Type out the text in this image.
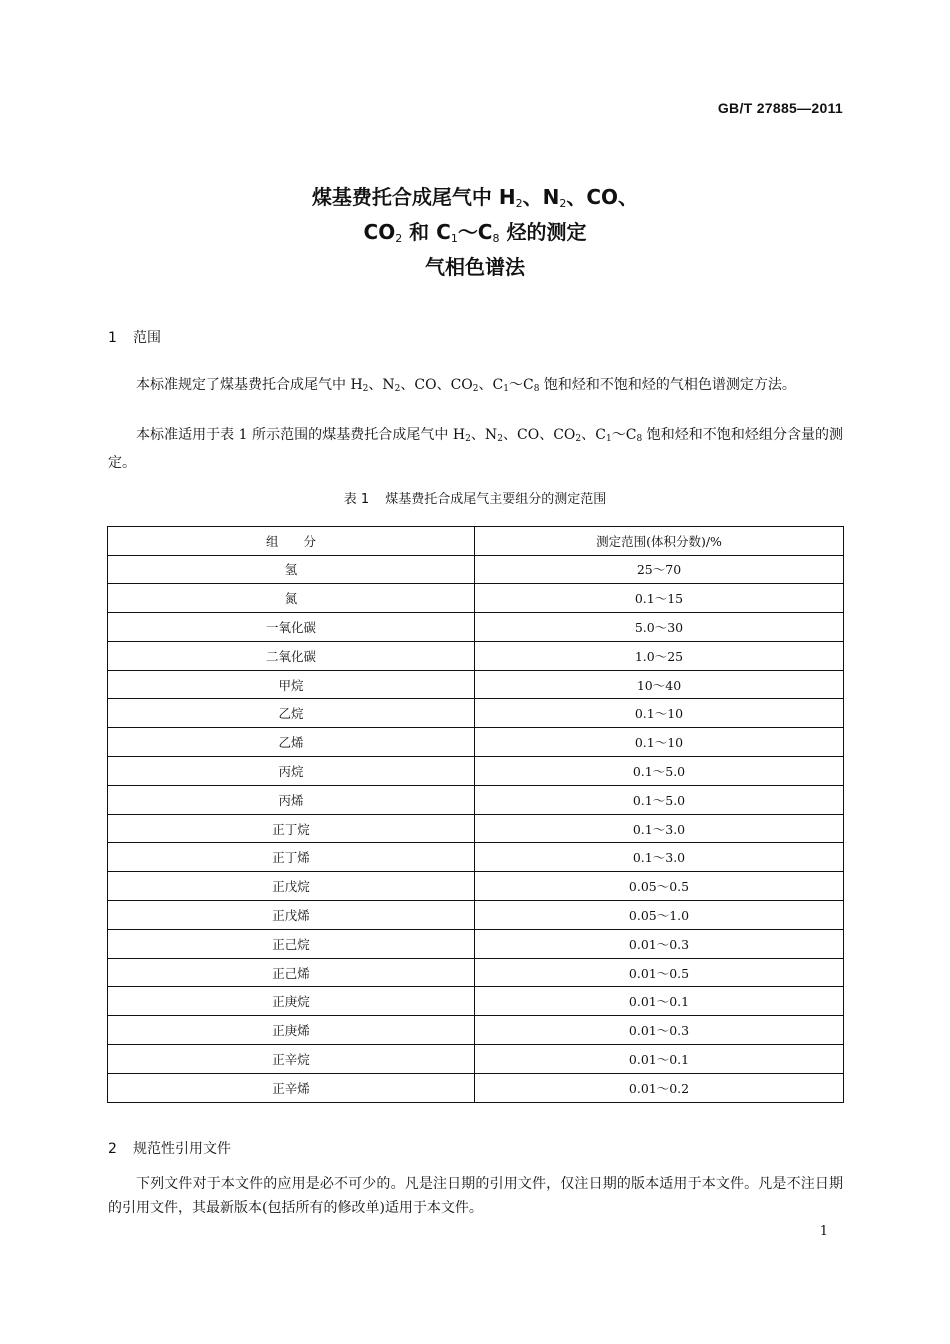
GB/T 27885—2011
煤基费托合成尾气中 $H_2$、$N_2$、CO、
$CO_2$ 和 $C_1\sim C_8$ 烃的测定
气相色谱法
1 范围
本标准规定了煤基费托合成尾气中 $H_2$、$N_2$、CO、$CO_2$、$C_1\sim C_8$ 饱和烃和不饱和烃的气相色谱测定方法。
本标准适用于表 1 所示范围的煤基费托合成尾气中 $H_2$、$N_2$、CO、$CO_2$、$C_1\sim C_8$ 饱和烃和不饱和烃组分含量的测定。
表 1 煤基费托合成尾气主要组分的测定范围
组　　分	测定范围(体积分数)/%
氢	25～70
氮	0.1～15
一氧化碳	5.0～30
二氧化碳	1.0～25
甲烷	10～40
乙烷	0.1～10
乙烯	0.1～10
丙烷	0.1～5.0
丙烯	0.1～5.0
正丁烷	0.1～3.0
正丁烯	0.1～3.0
正戊烷	0.05～0.5
正戊烯	0.05～1.0
正己烷	0.01～0.3
正己烯	0.01～0.5
正庚烷	0.01～0.1
正庚烯	0.01～0.3
正辛烷	0.01～0.1
正辛烯	0.01～0.2
2 规范性引用文件
下列文件对于本文件的应用是必不可少的。凡是注日期的引用文件，仅注日期的版本适用于本文件。凡是不注日期的引用文件，其最新版本(包括所有的修改单)适用于本文件。
1
